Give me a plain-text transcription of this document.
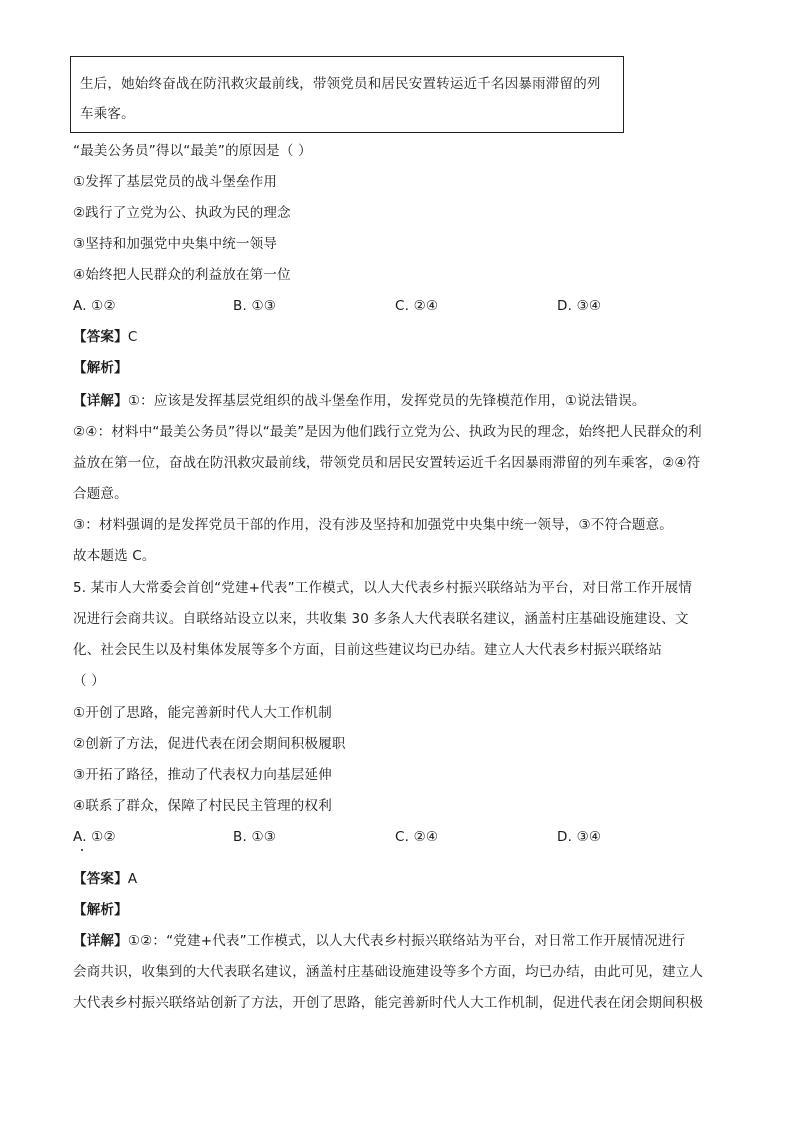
生后，她始终奋战在防汛救灾最前线，带领党员和居民安置转运近千名因暴雨滞留的列
车乘客。
“最美公务员”得以“最美”的原因是（ ）
①发挥了基层党员的战斗堡垒作用
②践行了立党为公、执政为民的理念
③坚持和加强党中央集中统一领导
④始终把人民群众的利益放在第一位
A. ①②	B. ①③	C. ②④	D. ③④
【答案】C
【解析】
【详解】①：应该是发挥基层党组织的战斗堡垒作用，发挥党员的先锋模范作用，①说法错误。
②④：材料中“最美公务员”得以“最美”是因为他们践行立党为公、执政为民的理念，始终把人民群众的利
益放在第一位，奋战在防汛救灾最前线，带领党员和居民安置转运近千名因暴雨滞留的列车乘客，②④符
合题意。
③：材料强调的是发挥党员干部的作用，没有涉及坚持和加强党中央集中统一领导，③不符合题意。
故本题选 C。
5. 某市人大常委会首创“党建+代表”工作模式，以人大代表乡村振兴联络站为平台，对日常工作开展情
况进行会商共议。自联络站设立以来，共收集 30 多条人大代表联名建议，涵盖村庄基础设施建设、文
化、社会民生以及村集体发展等多个方面，目前这些建议均已办结。建立人大代表乡村振兴联络站
（ ）
①开创了思路，能完善新时代人大工作机制
②创新了方法，促进代表在闭会期间积极履职
③开拓了路径，推动了代表权力向基层延伸
④联系了群众，保障了村民民主管理的权利
A. ①②	B. ①③	C. ②④	D. ③④
【答案】A
【解析】
【详解】①②：“党建+代表”工作模式，以人大代表乡村振兴联络站为平台，对日常工作开展情况进行
会商共识，收集到的大代表联名建议，涵盖村庄基础设施建设等多个方面，均已办结，由此可见，建立人
大代表乡村振兴联络站创新了方法，开创了思路，能完善新时代人大工作机制，促进代表在闭会期间积极
